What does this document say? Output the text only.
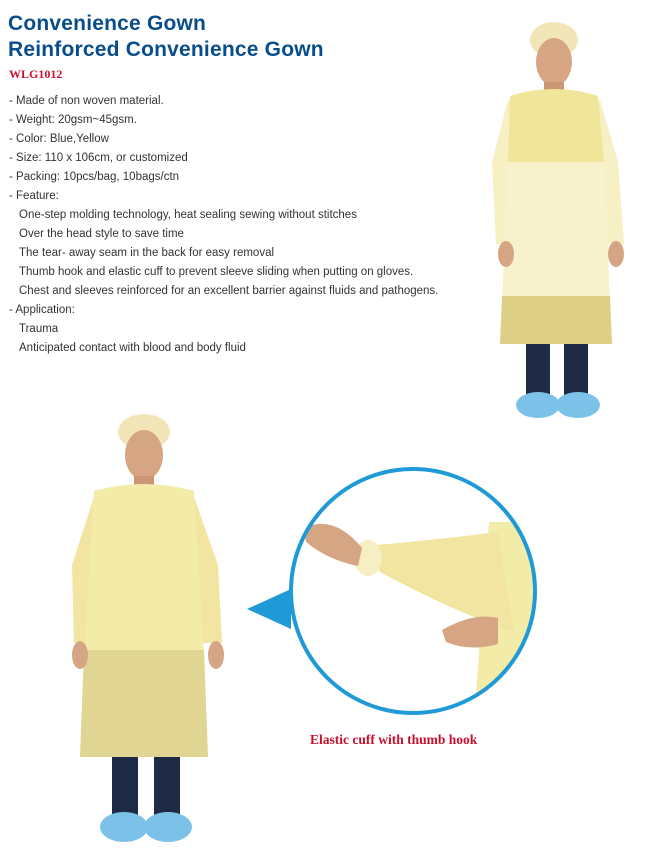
Convenience Gown
Reinforced Convenience Gown
WLG1012
- Made of non woven material.
- Weight: 20gsm~45gsm.
- Color: Blue,Yellow
- Size: 110 x 106cm, or customized
- Packing: 10pcs/bag, 10bags/ctn
- Feature:
One-step molding technology, heat sealing sewing without stitches
Over the head style to save time
The tear- away seam in the back for easy removal
Thumb hook and elastic cuff to prevent sleeve sliding when putting on gloves.
Chest and sleeves reinforced for an excellent barrier against fluids and pathogens.
- Application:
Trauma
Anticipated contact with blood and body fluid
Elastic cuff with thumb hook
